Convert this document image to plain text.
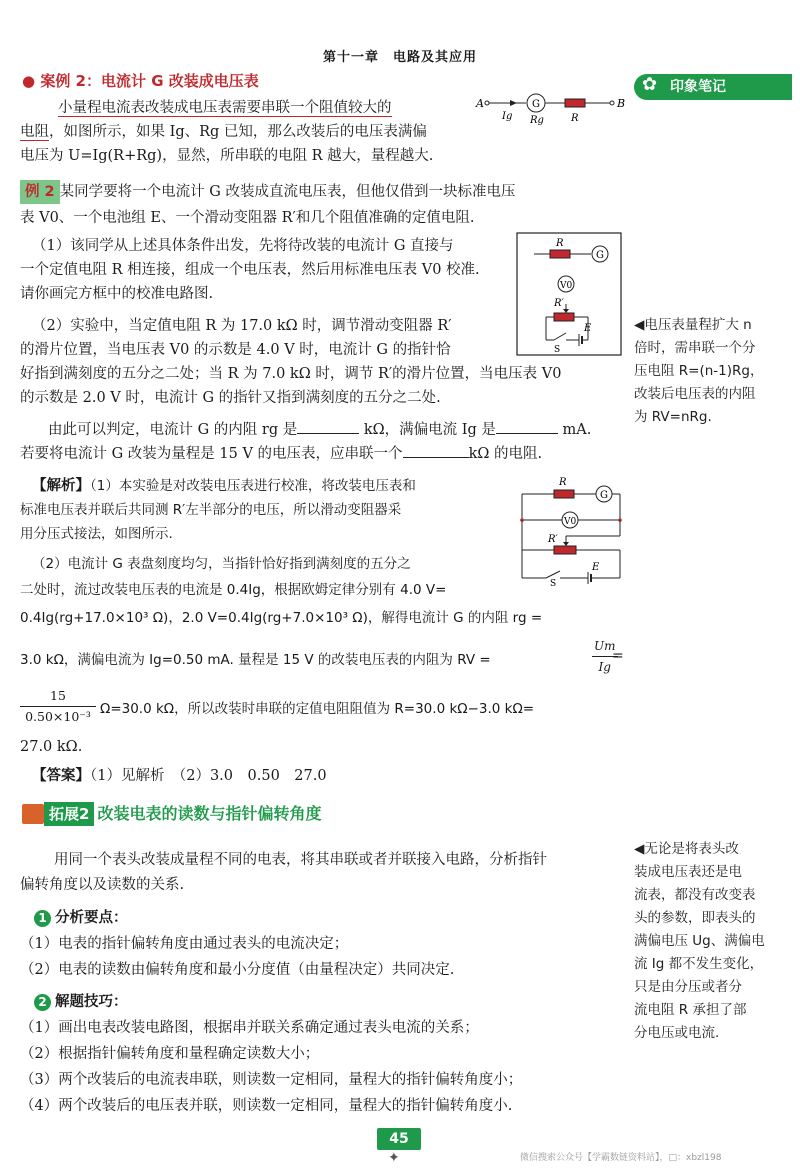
第十一章　电路及其应用
● 案例 2：电流计 G 改装成电压表	✿ 印象笔记
小量程电流表改装成电压表需要串联一个阻值较大的
电阻，如图所示，如果 Ig、Rg 已知，那么改装后的电压表满偏
电压为 U=Ig(R+Rg)，显然，所串联的电阻 R 越大，量程越大.
A
Ig
G
Rg	R
B
例 2 某同学要将一个电流计 G 改装成直流电压表，但他仅借到一块标准电压
表 V0、一个电池组 E、一个滑动变阻器 R′和几个阻值准确的定值电阻.
（1）该同学从上述具体条件出发，先将待改装的电流计 G 直接与
一个定值电阻 R 相连接，组成一个电压表，然后用标准电压表 V0 校准.
请你画完方框中的校准电路图.
（2）实验中，当定值电阻 R 为 17.0 kΩ 时，调节滑动变阻器 R′
的滑片位置，当电压表 V0 的示数是 4.0 V 时，电流计 G 的指针恰
好指到满刻度的五分之二处；当 R 为 7.0 kΩ 时，调节 R′的滑片位置，当电压表 V0
的示数是 2.0 V 时，电流计 G 的指针又指到满刻度的五分之二处.
由此可以判定，电流计 G 的内阻 rg 是	kΩ，满偏电流 Ig 是	mA.
若要将电流计 G 改装为量程是 15 V 的电压表，应串联一个	kΩ 的电阻.
R
G
V0
R′
S
E
【解析】（1）本实验是对改装电压表进行校准，将改装电压表和
标准电压表并联后共同测 R′左半部分的电压，所以滑动变阻器采
用分压式接法，如图所示.
（2）电流计 G 表盘刻度均匀，当指针恰好指到满刻度的五分之
二处时，流过改装电压表的电流是 0.4Ig，根据欧姆定律分别有 4.0 V=
0.4Ig(rg+17.0×10³ Ω)，2.0 V=0.4Ig(rg+7.0×10³ Ω)，解得电流计 G 的内阻 rg =
3.0 kΩ，满偏电流为 Ig=0.50 mA. 量程是 15 V 的改装电压表的内阻为 RV =	$\frac{Um}{Ig}$
=
$\frac{15}{\text{0.50×10⁻³}} \Omega=30.0$ kΩ，所以改装时串联的定值电阻阻值为 R=30.0 kΩ−3.0 kΩ=
27.0 kΩ.
【答案】（1）见解析　（2）3.0　0.50　27.0
R
G
V0
R′
S
E
◀电压表量程扩大 n
倍时，需串联一个分
压电阻 R=(n-1)Rg，
改装后电压表的内阻
为 RV=nRg.
拓展2 改装电表的读数与指针偏转角度
用同一个表头改装成量程不同的电表，将其串联或者并联接入电路，分析指针
偏转角度以及读数的关系.
1 分析要点：
（1）电表的指针偏转角度由通过表头的电流决定；
（2）电表的读数由偏转角度和最小分度值（由量程决定）共同决定.
2 解题技巧：
（1）画出电表改装电路图，根据串并联关系确定通过表头电流的关系；
（2）根据指针偏转角度和量程确定读数大小；
（3）两个改装后的电流表串联，则读数一定相同，量程大的指针偏转角度小；
（4）两个改装后的电压表并联，则读数一定相同，量程大的指针偏转角度小.
◀无论是将表头改
装成电压表还是电
流表，都没有改变表
头的参数，即表头的
满偏电压 Ug、满偏电
流 Ig 都不发生变化，
只是由分压或者分
流电阻 R 承担了部
分电压或电流.
45
✦	微信搜索公众号【学霸数链资料站】，□：xbzl198
